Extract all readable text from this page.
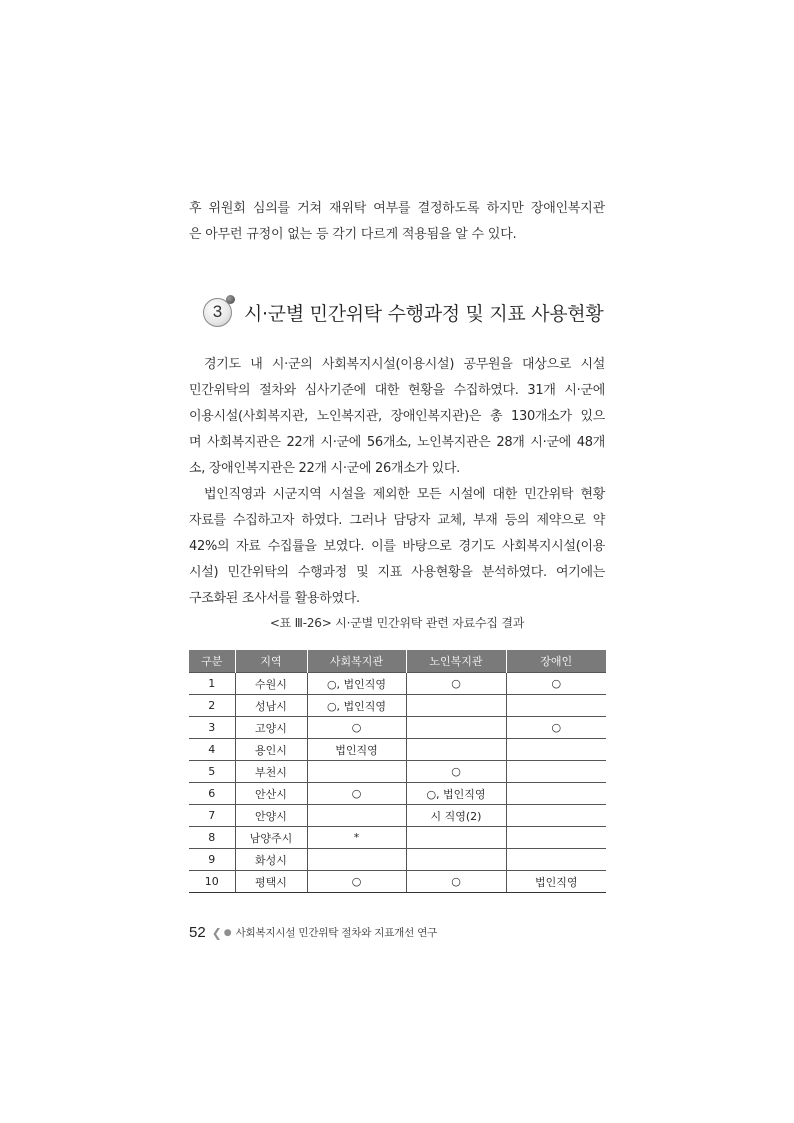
후 위원회 심의를 거쳐 재위탁 여부를 결정하도록 하지만 장애인복지관

은 아무런 규정이 없는 등 각기 다르게 적용됨을 알 수 있다.

3 시·군별 민간위탁 수행과정 및 지표 사용현황
경기도 내 시·군의 사회복지시설(이용시설) 공무원을 대상으로 시설
민간위탁의 절차와 심사기준에 대한 현황을 수집하였다. 31개 시·군에
이용시설(사회복지관, 노인복지관, 장애인복지관)은 총 130개소가 있으
며 사회복지관은 22개 시·군에 56개소, 노인복지관은 28개 시·군에 48개
소, 장애인복지관은 22개 시·군에 26개소가 있다.
법인직영과 시군지역 시설을 제외한 모든 시설에 대한 민간위탁 현황
자료를 수집하고자 하였다. 그러나 담당자 교체, 부재 등의 제약으로 약
42%의 자료 수집률을 보였다. 이를 바탕으로 경기도 사회복지시설(이용
시설) 민간위탁의 수행과정 및 지표 사용현황을 분석하였다. 여기에는
구조화된 조사서를 활용하였다.
<표 Ⅲ-26> 시·군별 민간위탁 관련 자료수집 결과
구분	지역	사회복지관	노인복지관	장애인
1	수원시	○, 법인직영	○	○
2	성남시	○, 법인직영		
3	고양시	○		○
4	용인시	법인직영		
5	부천시		○	
6	안산시	○	○, 법인직영	
7	안양시		시 직영(2)	
8	남양주시	*		
9	화성시			
10	평택시	○	○	법인직영
52 ❮ ● 사회복지시설 민간위탁 절차와 지표개선 연구
